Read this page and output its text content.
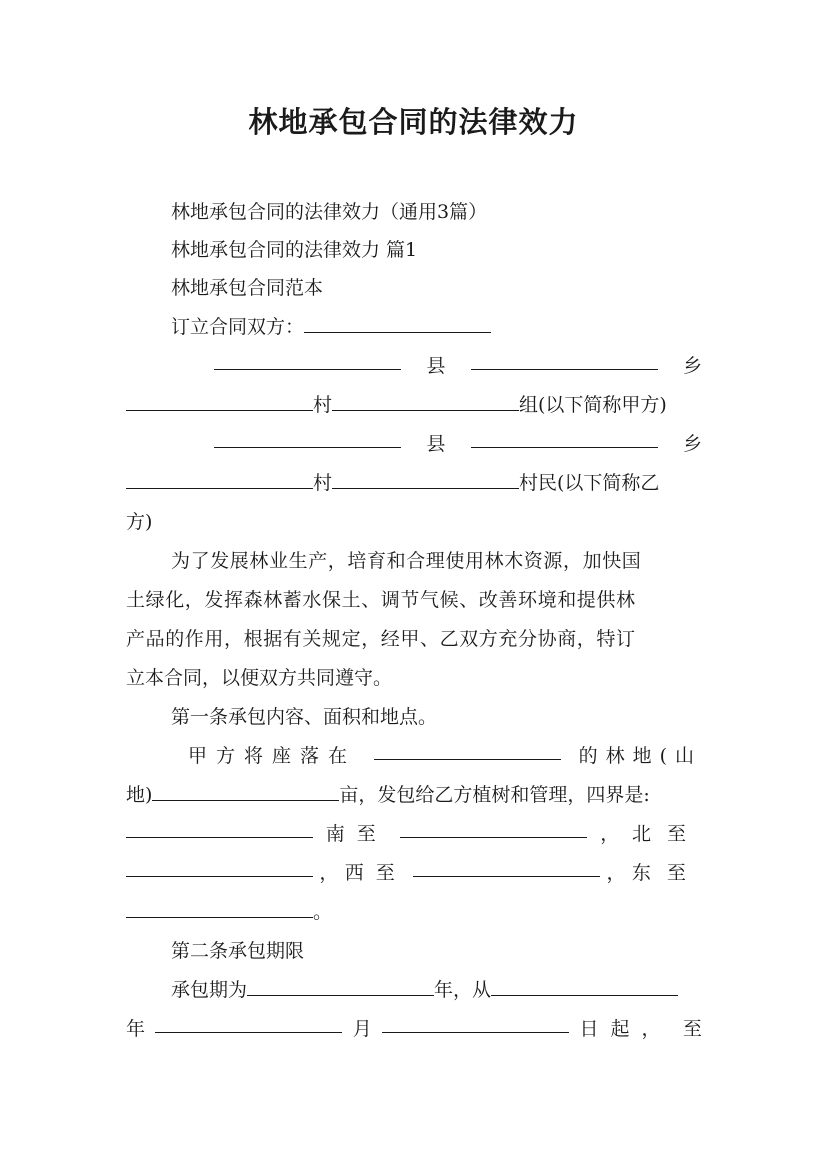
林地承包合同的法律效力
林地承包合同的法律效力（通用3篇）
林地承包合同的法律效力 篇1
林地承包合同范本
订立合同双方：
县	乡
村	组(以下简称甲方)
县	乡
村	村民(以下简称乙
方)
为了发展林业生产，培育和合理使用林木资源，加快国
土绿化，发挥森林蓄水保土、调节气候、改善环境和提供林
产品的作用，根据有关规定，经甲、乙双方充分协商，特订
立本合同，以便双方共同遵守。
第一条承包内容、面积和地点。
甲方将座落在	的林地(山
地)	亩，发包给乙方植树和管理，四界是:
南至	， 北至
， 西至	， 东至
。
第二条承包期限
承包期为	年，从
年	月	日起， 至
